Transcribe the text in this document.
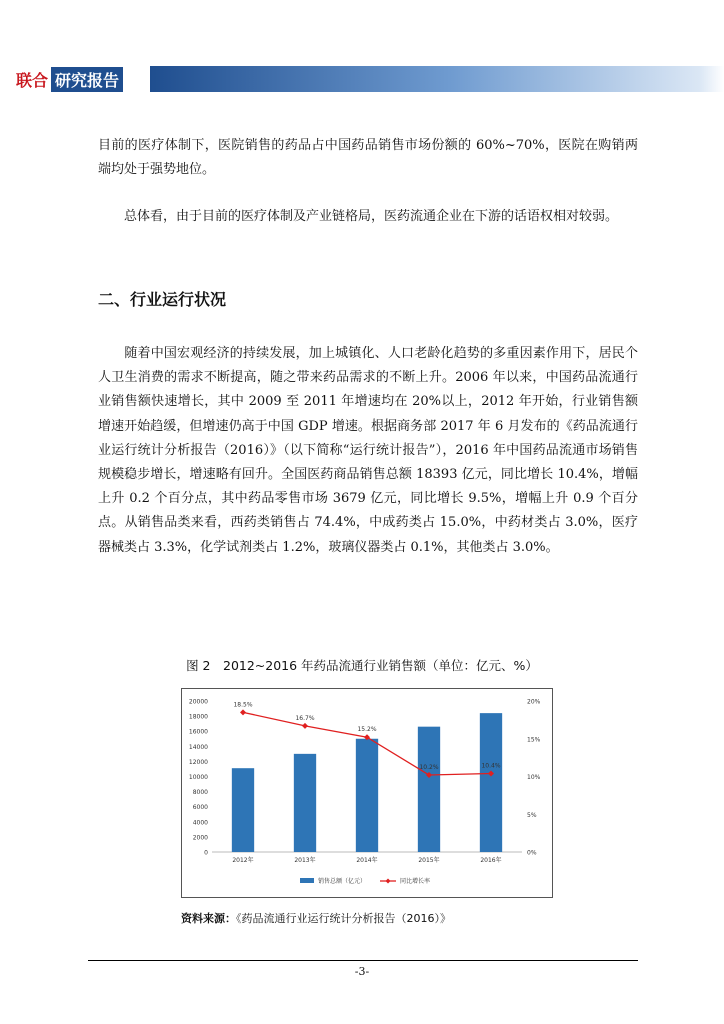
联合 研究报告

目前的医疗体制下，医院销售的药品占中国药品销售市场份额的 60%~70%，医院在购销两端均处于强势地位。

　　总体看，由于目前的医疗体制及产业链格局，医药流通企业在下游的话语权相对较弱。

二、行业运行状况

　　随着中国宏观经济的持续发展，加上城镇化、人口老龄化趋势的多重因素作用下，居民个人卫生消费的需求不断提高，随之带来药品需求的不断上升。2006 年以来，中国药品流通行业销售额快速增长，其中 2009 至 2011 年增速均在 20%以上，2012 年开始，行业销售额增速开始趋缓，但增速仍高于中国 GDP 增速。根据商务部 2017 年 6 月发布的《药品流通行业运行统计分析报告（2016）》（以下简称“运行统计报告”），2016 年中国药品流通市场销售规模稳步增长，增速略有回升。全国医药商品销售总额 18393 亿元，同比增长 10.4%，增幅上升 0.2 个百分点，其中药品零售市场 3679 亿元，同比增长 9.5%，增幅上升 0.9 个百分点。从销售品类来看，西药类销售占 74.4%，中成药类占 15.0%，中药材类占 3.0%，医疗器械类占 3.3%，化学试剂类占 1.2%，玻璃仪器类占 0.1%，其他类占 3.0%。

图 2　2012~2016 年药品流通行业销售额（单位：亿元、%）

0
2000
4000
6000
8000
10000
12000
14000
16000
18000
20000
0%
5%
10%
15%
20%
2012年	2013年	2014年	2015年	2016年
18.5%
16.7%
15.2%
10.2%	10.4%
销售总额（亿元）	同比增长率
资料来源：《药品流通行业运行统计分析报告（2016）》
-3-
